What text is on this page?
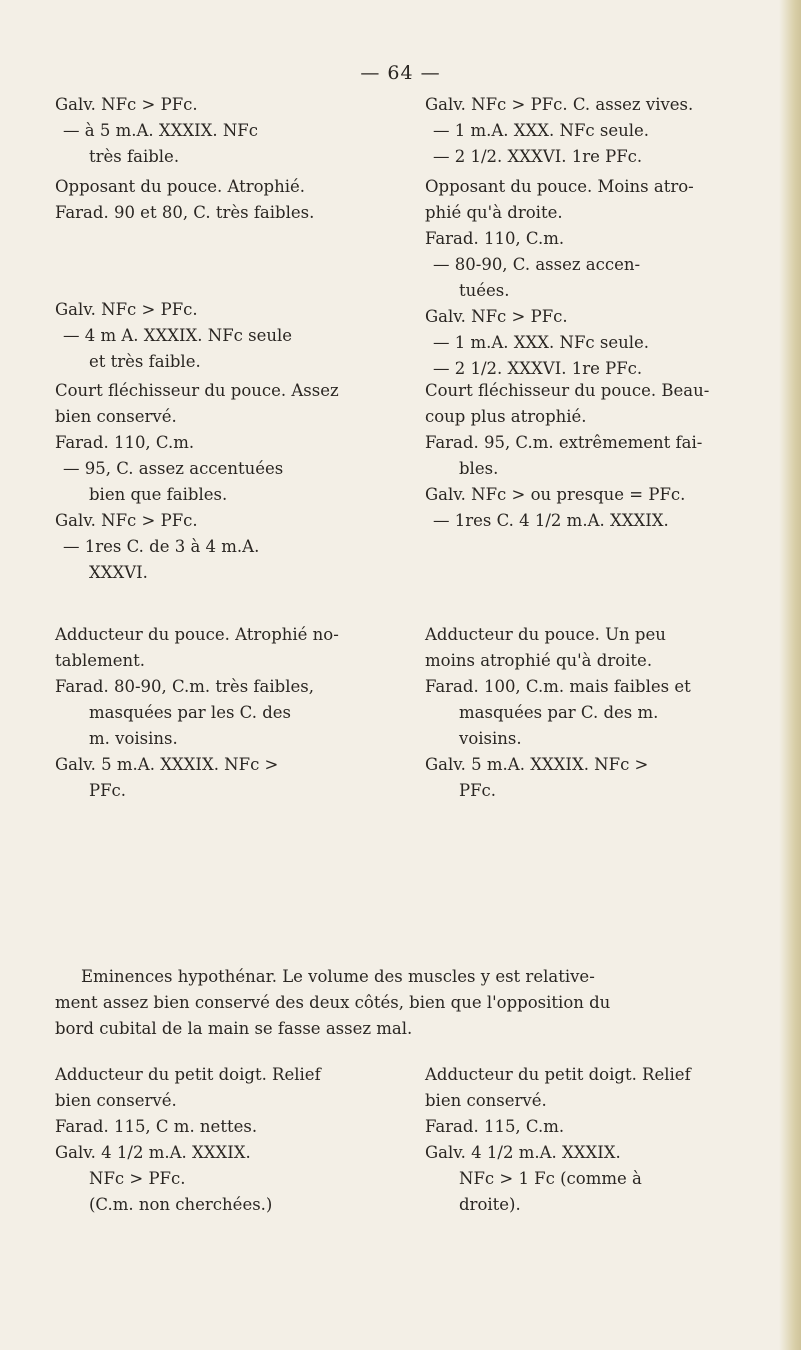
— 64 —
Galv. NFc > PFc.
— à 5 m.A. XXXIX. NFc
très faible.
Opposant du pouce. Atrophié.
Farad. 90 et 80, C. très faibles.
Galv. NFc > PFc.
— 4 m A. XXXIX. NFc seule
et très faible.
Court fléchisseur du pouce. Assez
bien conservé.
Farad. 110, C.m.
— 95, C. assez accentuées
bien que faibles.
Galv. NFc > PFc.
— 1res C. de 3 à 4 m.A.
XXXVI.
Adducteur du pouce. Atrophié no-
tablement.
Farad. 80-90, C.m. très faibles,
masquées par les C. des
m. voisins.
Galv. 5 m.A. XXXIX. NFc >
PFc.
Galv. NFc > PFc. C. assez vives.
— 1 m.A. XXX. NFc seule.
— 2 1/2. XXXVI. 1re PFc.
Opposant du pouce. Moins atro-
phié qu'à droite.
Farad. 110, C.m.
— 80-90, C. assez accen-
tuées.
Galv. NFc > PFc.
— 1 m.A. XXX. NFc seule.
— 2 1/2. XXXVI. 1re PFc.
Court fléchisseur du pouce. Beau-
coup plus atrophié.
Farad. 95, C.m. extrêmement fai-
bles.
Galv. NFc > ou presque = PFc.
— 1res C. 4 1/2 m.A. XXXIX.
Adducteur du pouce. Un peu
moins atrophié qu'à droite.
Farad. 100, C.m. mais faibles et
masquées par C. des m.
voisins.
Galv. 5 m.A. XXXIX. NFc >
PFc.
Eminences hypothénar. Le volume des muscles y est relative-
ment assez bien conservé des deux côtés, bien que l'opposition du
bord cubital de la main se fasse assez mal.
Adducteur du petit doigt. Relief
bien conservé.
Farad. 115, C m. nettes.
Galv. 4 1/2 m.A. XXXIX.
NFc > PFc.
(C.m. non cherchées.)
Adducteur du petit doigt. Relief
bien conservé.
Farad. 115, C.m.
Galv. 4 1/2 m.A. XXXIX.
NFc > 1 Fc (comme à
droite).
